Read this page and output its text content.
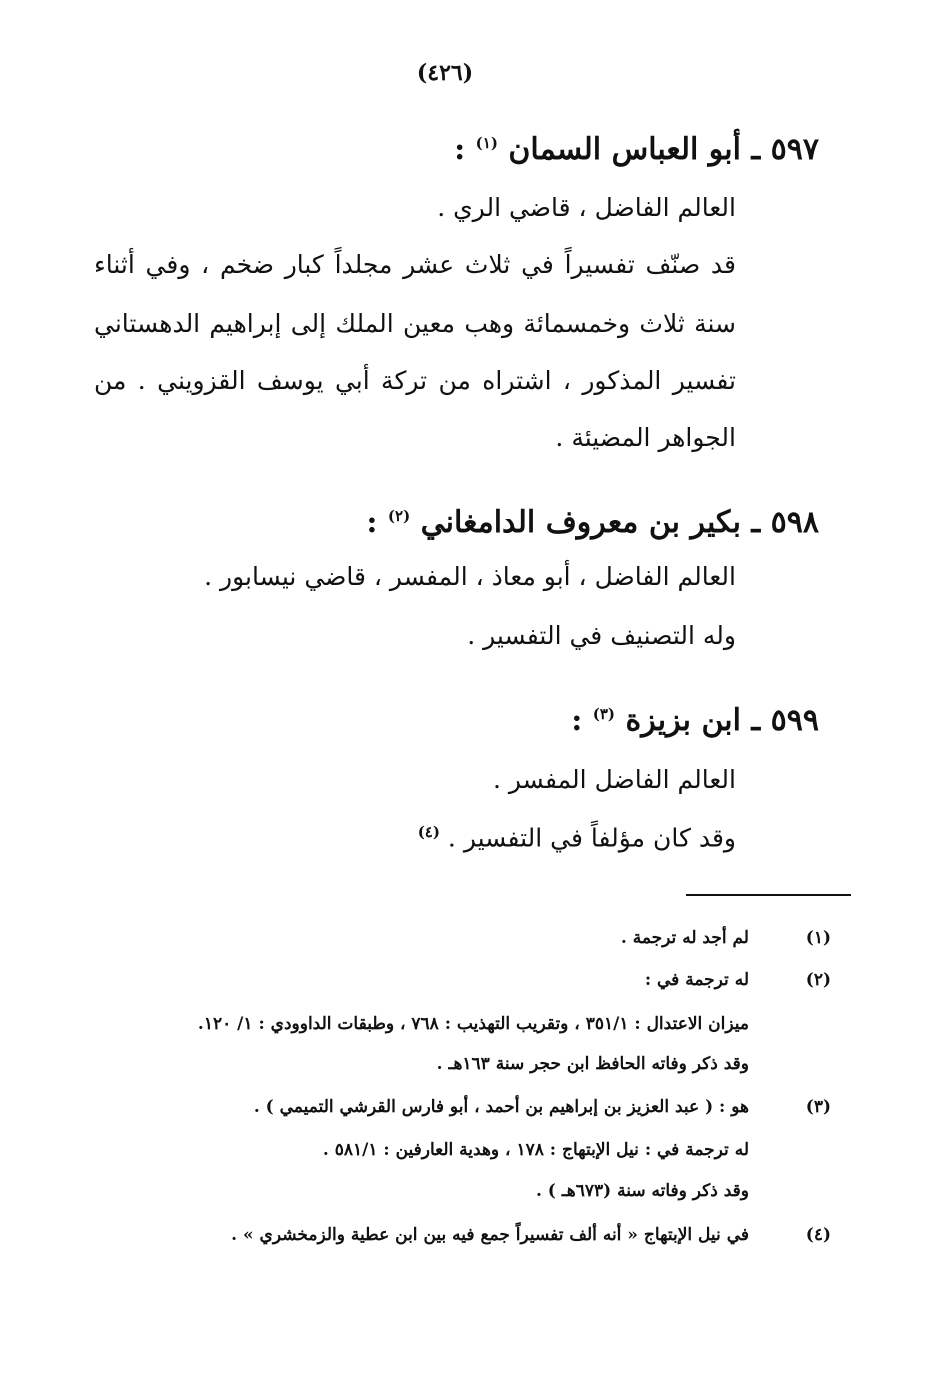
(٤٢٦)
٥٩٧ ـ أبو العباس السمان $^{(١)}$ :
العالم الفاضل ، قاضي الري .
قد صنّف تفسيراً في ثلاث عشر مجلداً كبار ضخم ، وفي أثناء
سنة ثلاث وخمسمائة وهب معين الملك إلى إبراهيم الدهستاني
تفسير المذكور ، اشتراه من تركة أبي يوسف القزويني . من
الجواهر المضيئة .
٥٩٨ ـ بكير بن معروف الدامغاني $^{(٢)}$ :
العالم الفاضل ، أبو معاذ ، المفسر ، قاضي نيسابور .
وله التصنيف في التفسير .
٥٩٩ ـ ابن بزيزة $^{(٣)}$ :
العالم الفاضل المفسر .
وقد كان مؤلفاً في التفسير . $^{(٤)}$
(١)
لم أجد له ترجمة .
(٢)
له ترجمة في :
ميزان الاعتدال : ٣٥١/١ ، وتقريب التهذيب : ٧٦٨ ، وطبقات الداوودي : ١/ ١٢٠.
وقد ذكر وفاته الحافظ ابن حجر سنة ١٦٣هـ .
(٣)
هو : ( عبد العزيز بن إبراهيم بن أحمد ، أبو فارس القرشي التميمي ) .
له ترجمة في : نيل الإبتهاج : ١٧٨ ، وهدية العارفين : ٥٨١/١ .
وقد ذكر وفاته سنة (٦٧٣هـ ) .
(٤)
في نيل الإبتهاج « أنه ألف تفسيراً جمع فيه بين ابن عطية والزمخشري » .
